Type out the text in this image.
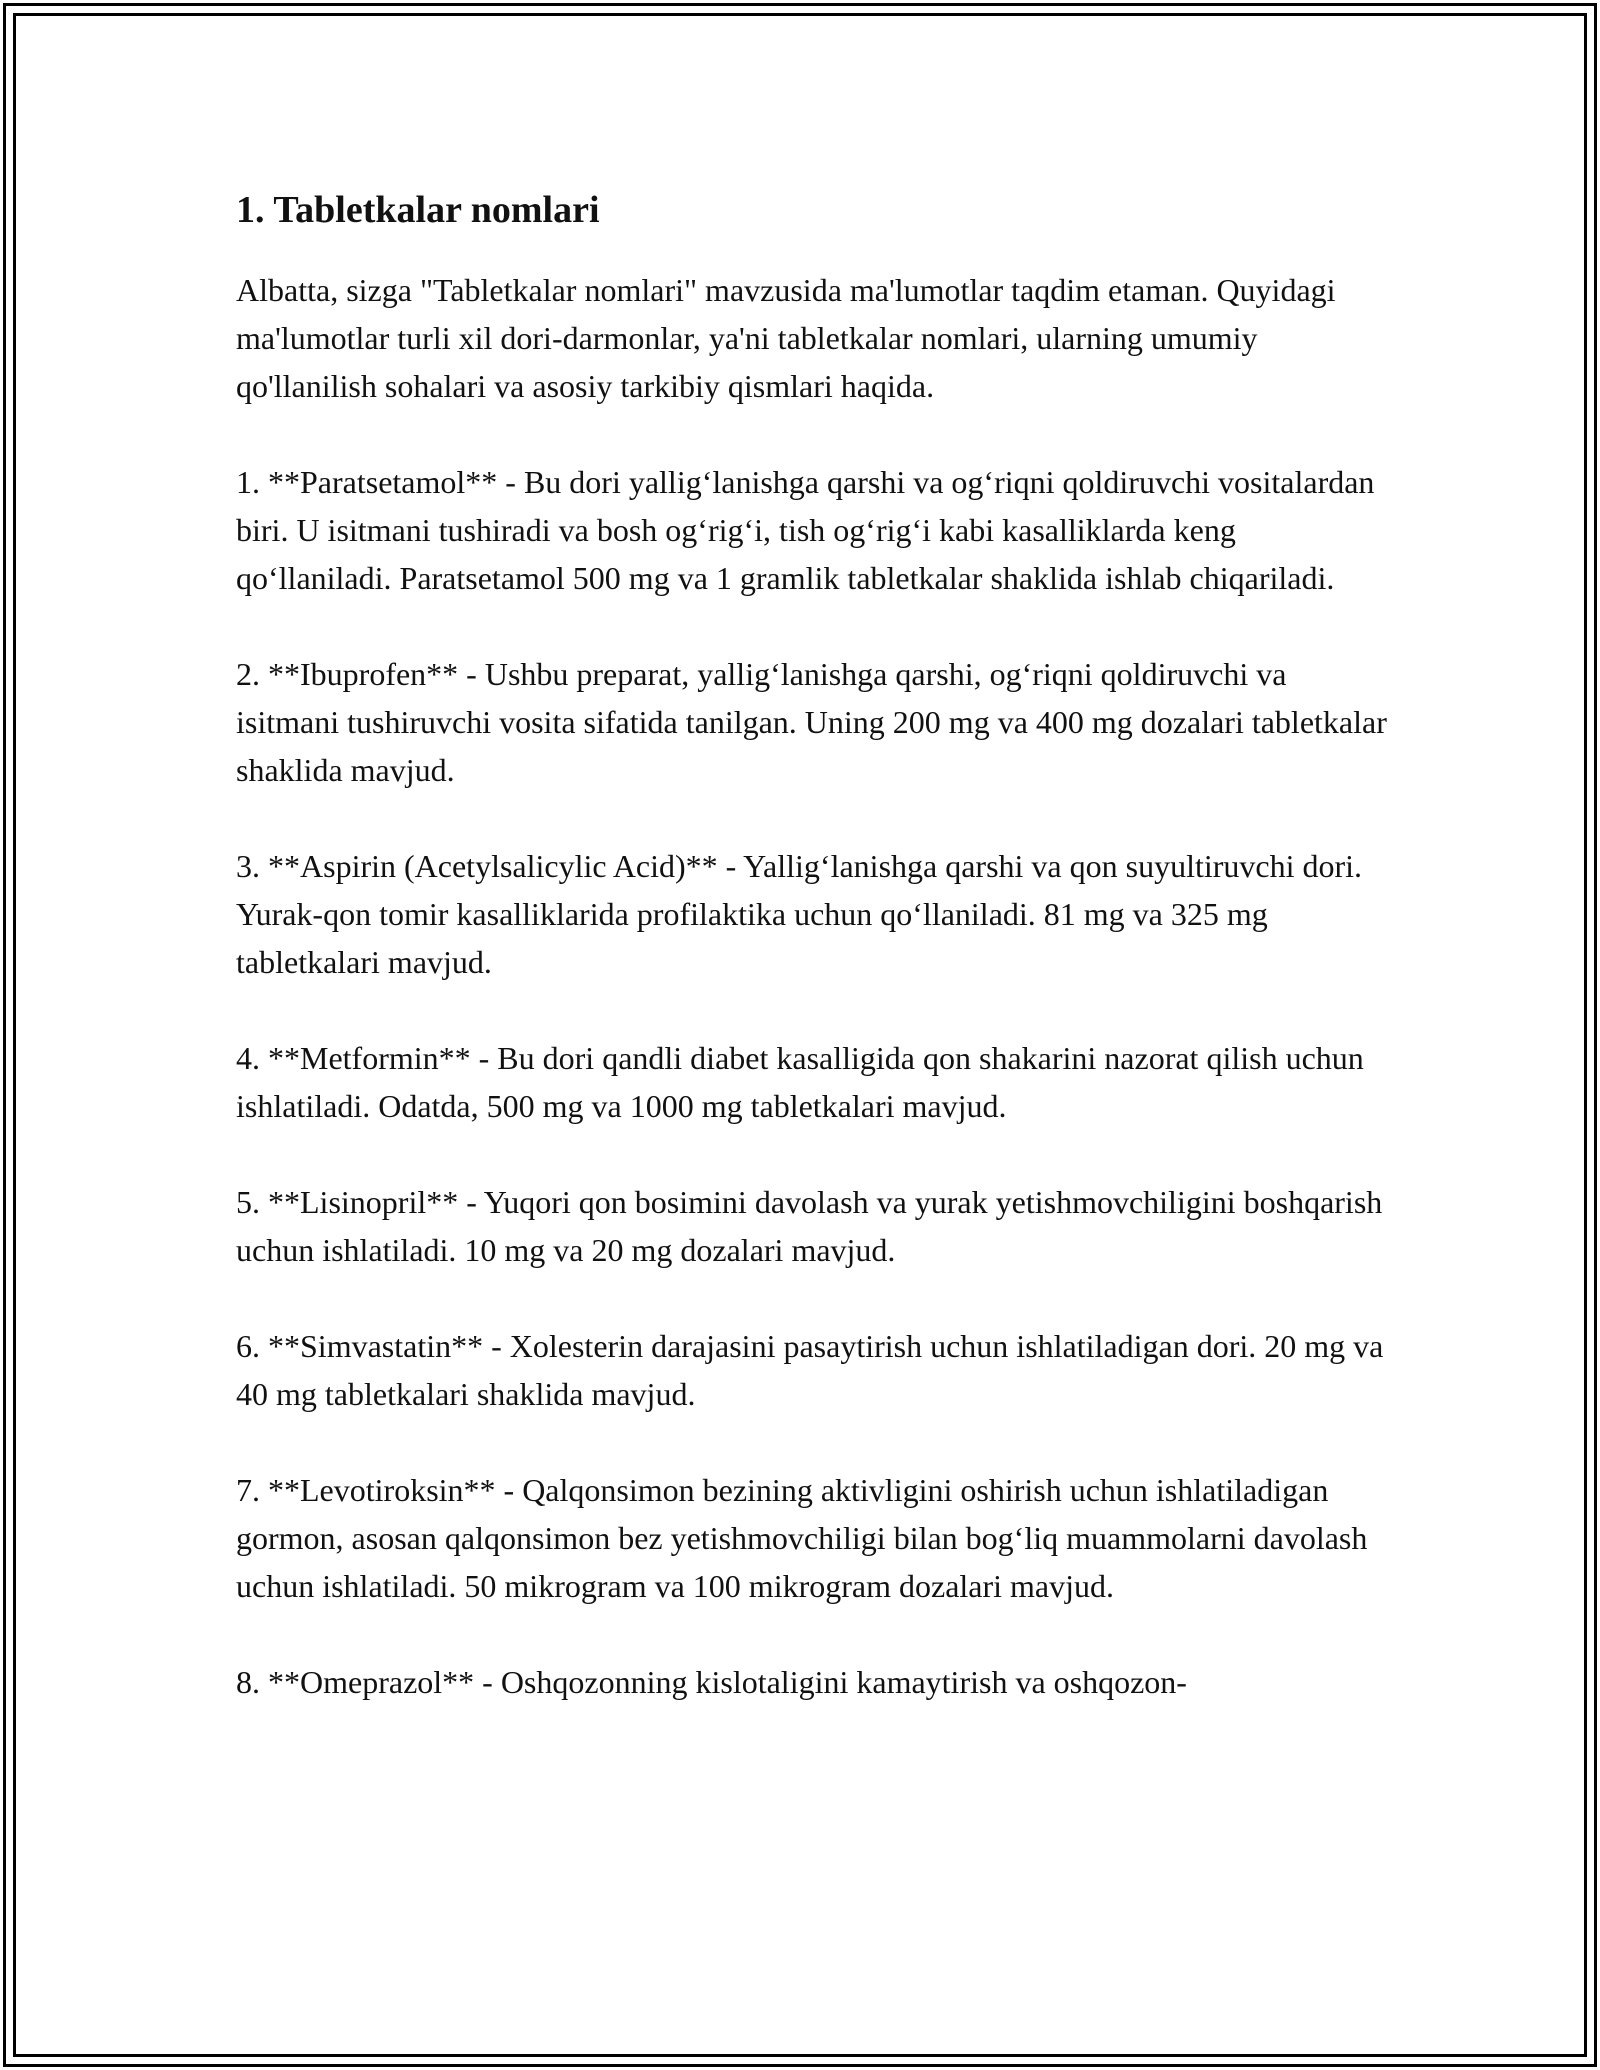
1. Tabletkalar nomlari

Albatta, sizga "Tabletkalar nomlari" mavzusida ma'lumotlar taqdim etaman. Quyidagi ma'lumotlar turli xil dori-darmonlar, ya'ni tabletkalar nomlari, ularning umumiy qo'llanilish sohalari va asosiy tarkibiy qismlari haqida.

1. **Paratsetamol** - Bu dori yallig‘lanishga qarshi va og‘riqni qoldiruvchi vositalardan biri. U isitmani tushiradi va bosh og‘rig‘i, tish og‘rig‘i kabi kasalliklarda keng qo‘llaniladi. Paratsetamol 500 mg va 1 gramlik tabletkalar shaklida ishlab chiqariladi.

2. **Ibuprofen** - Ushbu preparat, yallig‘lanishga qarshi, og‘riqni qoldiruvchi va isitmani tushiruvchi vosita sifatida tanilgan. Uning 200 mg va 400 mg dozalari tabletkalar shaklida mavjud.

3. **Aspirin (Acetylsalicylic Acid)** - Yallig‘lanishga qarshi va qon suyultiruvchi dori. Yurak-qon tomir kasalliklarida profilaktika uchun qo‘llaniladi. 81 mg va 325 mg tabletkalari mavjud.

4. **Metformin** - Bu dori qandli diabet kasalligida qon shakarini nazorat qilish uchun ishlatiladi. Odatda, 500 mg va 1000 mg tabletkalari mavjud.

5. **Lisinopril** - Yuqori qon bosimini davolash va yurak yetishmovchiligini boshqarish uchun ishlatiladi. 10 mg va 20 mg dozalari mavjud.

6. **Simvastatin** - Xolesterin darajasini pasaytirish uchun ishlatiladigan dori. 20 mg va 40 mg tabletkalari shaklida mavjud.

7. **Levotiroksin** - Qalqonsimon bezining aktivligini oshirish uchun ishlatiladigan gormon, asosan qalqonsimon bez yetishmovchiligi bilan bog‘liq muammolarni davolash uchun ishlatiladi. 50 mikrogram va 100 mikrogram dozalari mavjud.

8. **Omeprazol** - Oshqozonning kislotaligini kamaytirish va oshqozon-
